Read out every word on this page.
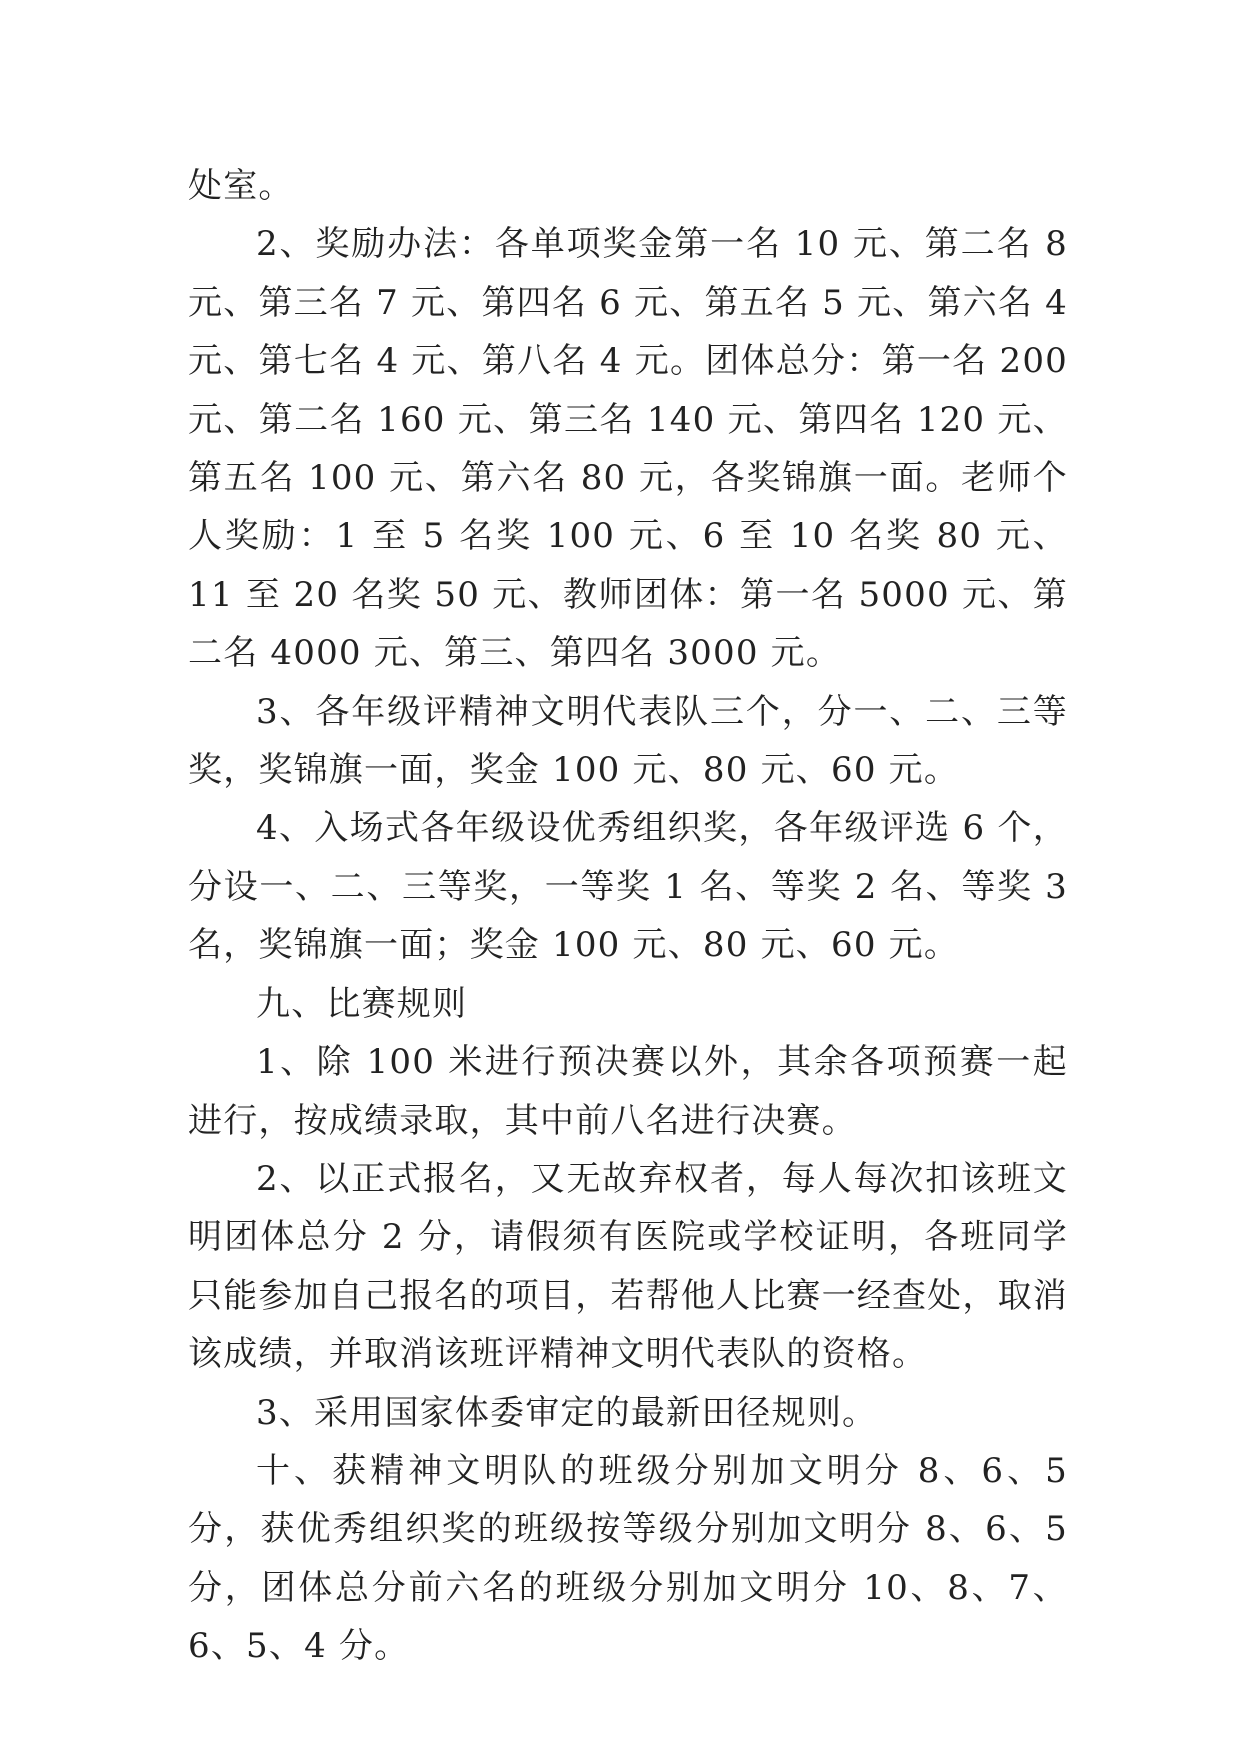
处室。

2、奖励办法：各单项奖金第一名 10 元、第二名 8 元、第三名 7 元、第四名 6 元、第五名 5 元、第六名 4 元、第七名 4 元、第八名 4 元。团体总分：第一名 200 元、第二名 160 元、第三名 140 元、第四名 120 元、第五名 100 元、第六名 80 元，各奖锦旗一面。老师个人奖励：1 至 5 名奖 100 元、6 至 10 名奖 80 元、11 至 20 名奖 50 元、教师团体：第一名 5000 元、第二名 4000 元、第三、第四名 3000 元。

3、各年级评精神文明代表队三个，分一、二、三等奖，奖锦旗一面，奖金 100 元、80 元、60 元。

4、入场式各年级设优秀组织奖，各年级评选 6 个，分设一、二、三等奖，一等奖 1 名、等奖 2 名、等奖 3 名，奖锦旗一面；奖金 100 元、80 元、60 元。

九、比赛规则

1、除 100 米进行预决赛以外，其余各项预赛一起进行，按成绩录取，其中前八名进行决赛。

2、以正式报名，又无故弃权者，每人每次扣该班文明团体总分 2 分，请假须有医院或学校证明，各班同学只能参加自己报名的项目，若帮他人比赛一经查处，取消该成绩，并取消该班评精神文明代表队的资格。

3、采用国家体委审定的最新田径规则。

十、获精神文明队的班级分别加文明分 8、6、5 分，获优秀组织奖的班级按等级分别加文明分 8、6、5 分，团体总分前六名的班级分别加文明分 10、8、7、6、5、4 分。
